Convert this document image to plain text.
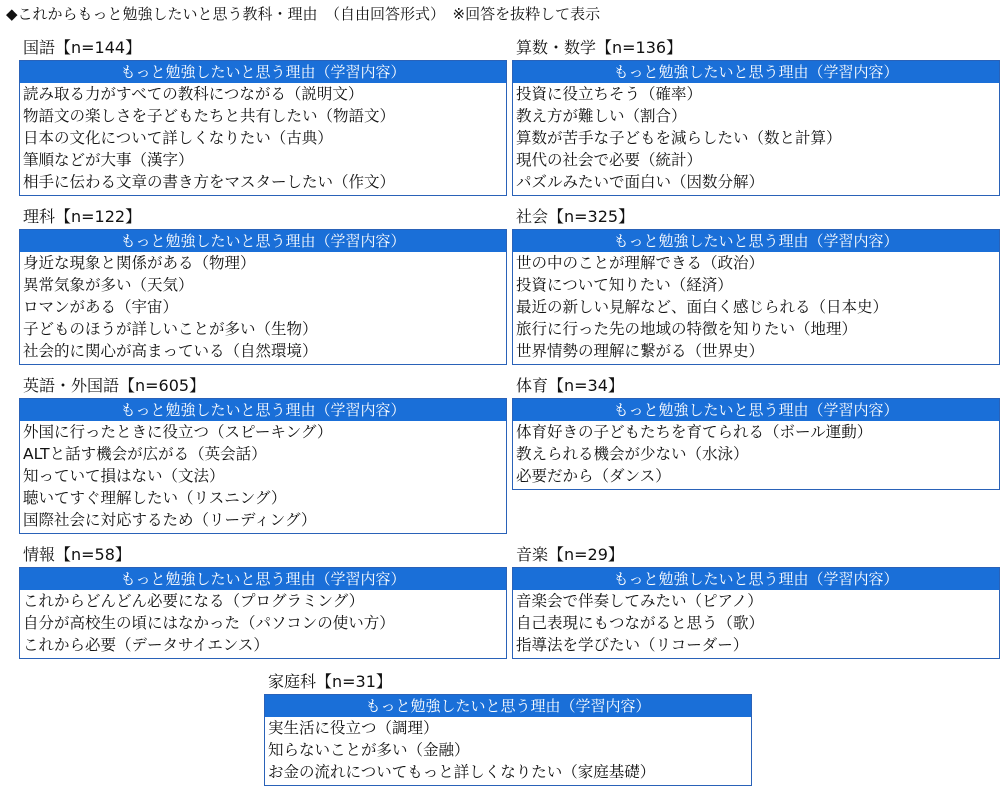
◆これからもっと勉強したいと思う教科・理由　（自由回答形式）　※回答を抜粋して表示
国語【n=144】
もっと勉強したいと思う理由（学習内容）
読み取る力がすべての教科につながる（説明文）
物語文の楽しさを子どもたちと共有したい（物語文）
日本の文化について詳しくなりたい（古典）
筆順などが大事（漢字）
相手に伝わる文章の書き方をマスターしたい（作文）
算数・数学【n=136】
もっと勉強したいと思う理由（学習内容）
投資に役立ちそう（確率）
教え方が難しい（割合）
算数が苦手な子どもを減らしたい（数と計算）
現代の社会で必要（統計）
パズルみたいで面白い（因数分解）
理科【n=122】
もっと勉強したいと思う理由（学習内容）
身近な現象と関係がある（物理）
異常気象が多い（天気）
ロマンがある（宇宙）
子どものほうが詳しいことが多い（生物）
社会的に関心が高まっている（自然環境）
社会【n=325】
もっと勉強したいと思う理由（学習内容）
世の中のことが理解できる（政治）
投資について知りたい（経済）
最近の新しい見解など、面白く感じられる（日本史）
旅行に行った先の地域の特徴を知りたい（地理）
世界情勢の理解に繋がる（世界史）
英語・外国語【n=605】
もっと勉強したいと思う理由（学習内容）
外国に行ったときに役立つ（スピーキング）
ALTと話す機会が広がる（英会話）
知っていて損はない（文法）
聴いてすぐ理解したい（リスニング）
国際社会に対応するため（リーディング）
体育【n=34】
もっと勉強したいと思う理由（学習内容）
体育好きの子どもたちを育てられる（ボール運動）
教えられる機会が少ない（水泳）
必要だから（ダンス）
情報【n=58】
もっと勉強したいと思う理由（学習内容）
これからどんどん必要になる（プログラミング）
自分が高校生の頃にはなかった（パソコンの使い方）
これから必要（データサイエンス）
音楽【n=29】
もっと勉強したいと思う理由（学習内容）
音楽会で伴奏してみたい（ピアノ）
自己表現にもつながると思う（歌）
指導法を学びたい（リコーダー）
家庭科【n=31】
もっと勉強したいと思う理由（学習内容）
実生活に役立つ（調理）
知らないことが多い（金融）
お金の流れについてもっと詳しくなりたい（家庭基礎）
